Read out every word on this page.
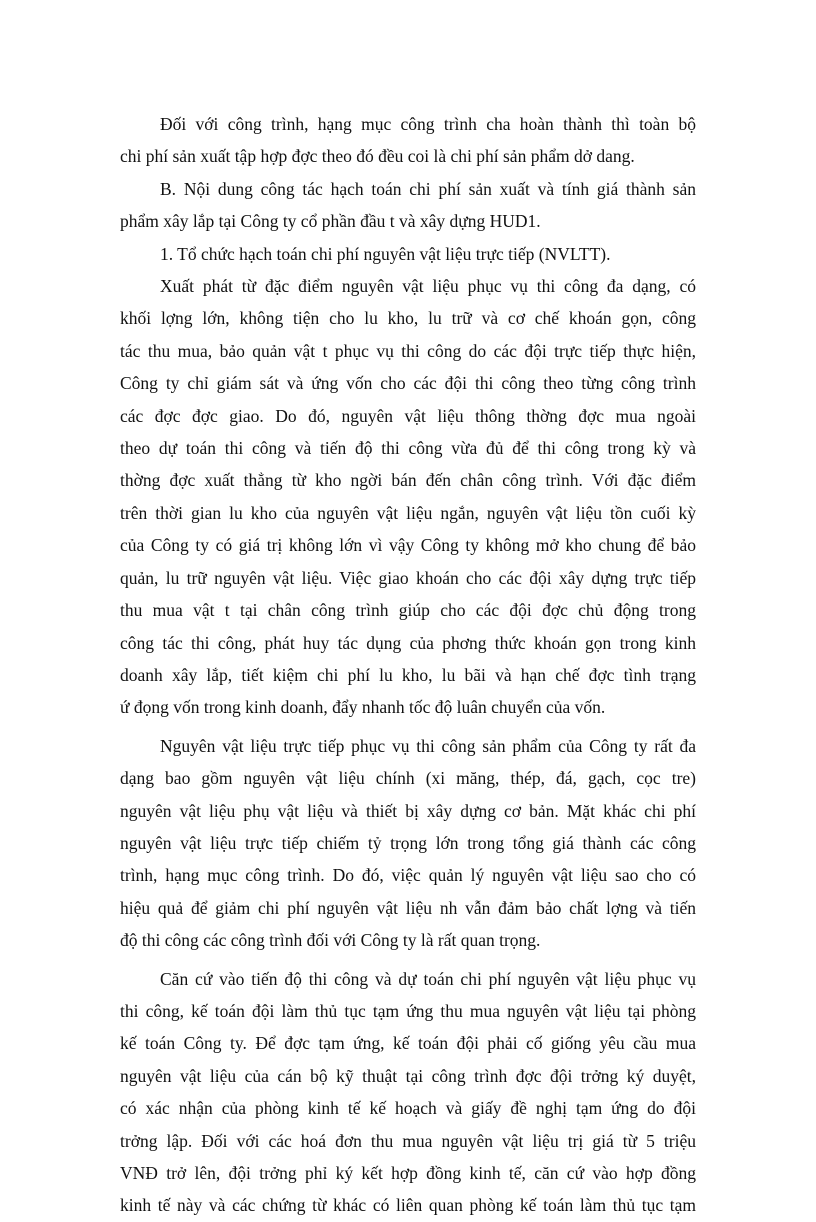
Đối với công trình, hạng mục công trình cha hoàn thành thì toàn bộ
chi phí sản xuất tập hợp đợc theo đó đều coi là chi phí sản phẩm dở dang.

B. Nội dung công tác hạch toán chi phí sản xuất và tính giá thành sản
phẩm xây lắp tại Công ty cổ phần đầu t và xây dựng HUD1.

1. Tổ chức hạch toán chi phí nguyên vật liệu trực tiếp (NVLTT).

Xuất phát từ đặc điểm nguyên vật liệu phục vụ thi công đa dạng, có
khối lợng lớn, không tiện cho lu kho, lu trữ và cơ chế khoán gọn, công
tác thu mua, bảo quản vật t phục vụ thi công do các đội trực tiếp thực hiện,
Công ty chỉ giám sát và ứng vốn cho các đội thi công theo từng công trình
các đợc đợc giao. Do đó, nguyên vật liệu thông thờng đợc mua ngoài
theo dự toán thi công và tiến độ thi công vừa đủ để thi công trong kỳ và
thờng đợc xuất thẳng từ kho ngời bán đến chân công trình. Với đặc điểm
trên thời gian lu kho của nguyên vật liệu ngắn, nguyên vật liệu tồn cuối kỳ
của Công ty có giá trị không lớn vì vậy Công ty không mở kho chung để bảo
quản, lu trữ nguyên vật liệu. Việc giao khoán cho các đội xây dựng trực tiếp
thu mua vật t tại chân công trình giúp cho các đội đợc chủ động trong
công tác thi công, phát huy tác dụng của phơng thức khoán gọn trong kinh
doanh xây lắp, tiết kiệm chi phí lu kho, lu bãi và hạn chế đợc tình trạng
ứ đọng vốn trong kinh doanh, đẩy nhanh tốc độ luân chuyển của vốn.

Nguyên vật liệu trực tiếp phục vụ thi công sản phẩm của Công ty rất đa
dạng bao gồm nguyên vật liệu chính (xi măng, thép, đá, gạch, cọc tre)
nguyên vật liệu phụ vật liệu và thiết bị xây dựng cơ bản. Mặt khác chi phí
nguyên vật liệu trực tiếp chiếm tỷ trọng lớn trong tổng giá thành các công
trình, hạng mục công trình. Do đó, việc quản lý nguyên vật liệu sao cho có
hiệu quả để giảm chi phí nguyên vật liệu nh vẫn đảm bảo chất lợng và tiến
độ thi công các công trình đối với Công ty là rất quan trọng.

Căn cứ vào tiến độ thi công và dự toán chi phí nguyên vật liệu phục vụ
thi công, kế toán đội làm thủ tục tạm ứng thu mua nguyên vật liệu tại phòng
kế toán Công ty. Để đợc tạm ứng, kế toán đội phải cố giống yêu cầu mua
nguyên vật liệu của cán bộ kỹ thuật tại công trình đợc đội trởng ký duyệt,
có xác nhận của phòng kinh tế kế hoạch và giấy đề nghị tạm ứng do đội
trởng lập. Đối với các hoá đơn thu mua nguyên vật liệu trị giá từ 5 triệu
VNĐ trở lên, đội trởng phỉ ký kết hợp đồng kinh tế, căn cứ vào hợp đồng
kinh tế này và các chứng từ khác có liên quan phòng kế toán làm thủ tục tạm
